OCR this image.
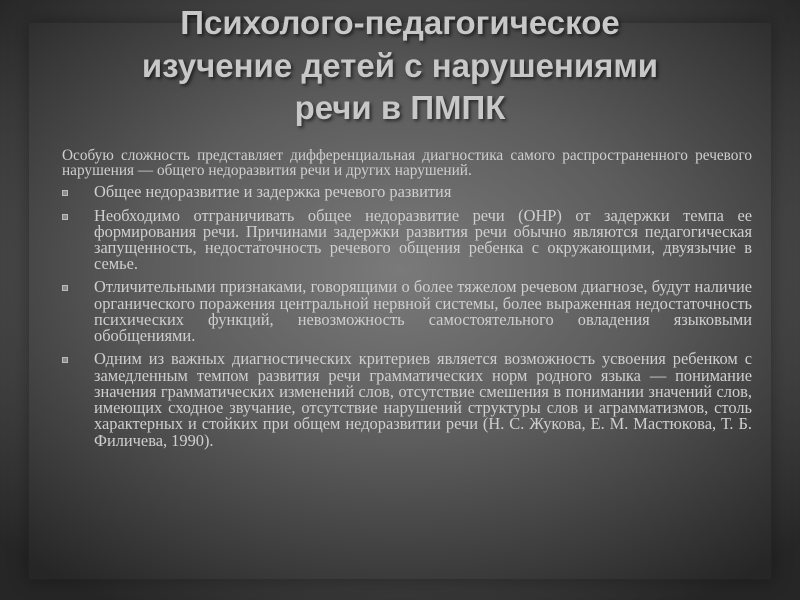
Психолого-педагогическое
изучение детей с нарушениями
речи в ПМПК

Особую сложность представляет дифференциальная диагностика самого распространенного речевого нарушения — общего недоразвития речи и других нарушений.

Общее недоразвитие и задержка речевого развития
Необходимо отграничивать общее недоразвитие речи (ОНР) от задержки темпа ее формирования речи. Причинами задержки развития речи обычно являются педагогическая запущенность, недостаточность речевого общения ребенка с окружающими, двуязычие в семье.
Отличительными признаками, говорящими о более тяжелом речевом диагнозе, будут наличие органического поражения центральной нервной системы, более выраженная недостаточность психических функций, невозможность самостоятельного овладения языковыми обобщениями.
Одним из важных диагностических критериев является возможность усвоения ребенком с замедленным темпом развития речи грамматических норм родного языка — понимание значения грамматических изменений слов, отсутствие смешения в понимании значений слов, имеющих сходное звучание, отсутствие нарушений структуры слов и аграмматизмов, столь характерных и стойких при общем недоразвитии речи (Н. С. Жукова, Е. М. Мастюкова, Т. Б. Филичева, 1990).
